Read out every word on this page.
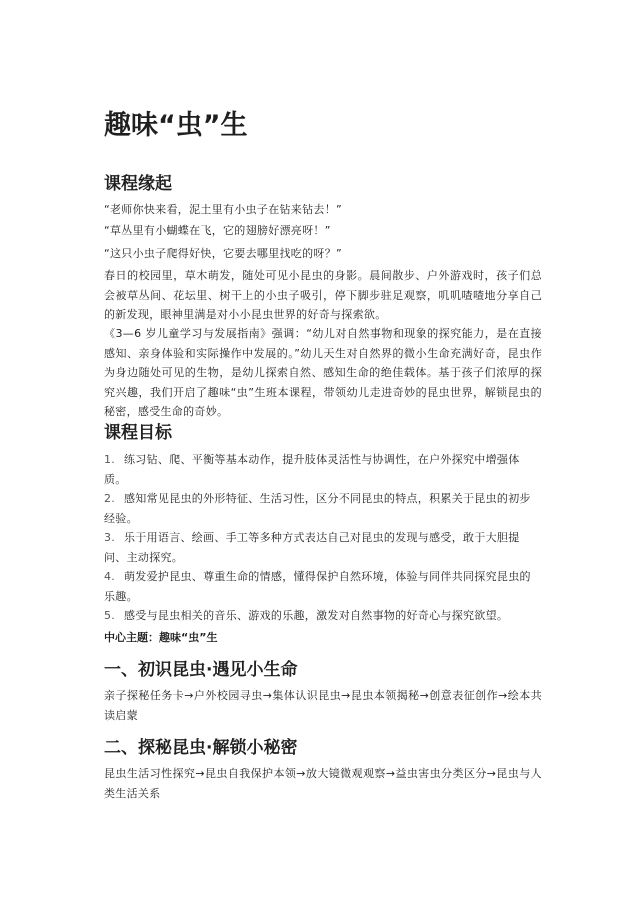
趣味“虫”生
课程缘起

“老师你快来看，泥土里有小虫子在钻来钻去！”

“草丛里有小蝴蝶在飞，它的翅膀好漂亮呀！”

“这只小虫子爬得好快，它要去哪里找吃的呀？”

春日的校园里，草木萌发，随处可见小昆虫的身影。晨间散步、户外游戏时，孩子们总会被草丛间、花坛里、树干上的小虫子吸引，停下脚步驻足观察，叽叽喳喳地分享自己的新发现，眼神里满是对小小昆虫世界的好奇与探索欲。

《3—6 岁儿童学习与发展指南》强调：“幼儿对自然事物和现象的探究能力，是在直接感知、亲身体验和实际操作中发展的。”幼儿天生对自然界的微小生命充满好奇，昆虫作为身边随处可见的生物，是幼儿探索自然、感知生命的绝佳载体。基于孩子们浓厚的探究兴趣，我们开启了趣味“虫”生班本课程，带领幼儿走进奇妙的昆虫世界，解锁昆虫的秘密，感受生命的奇妙。

课程目标
1. 练习钻、爬、平衡等基本动作，提升肢体灵活性与协调性，在户外探究中增强体质。
2. 感知常见昆虫的外形特征、生活习性，区分不同昆虫的特点，积累关于昆虫的初步经验。
3. 乐于用语言、绘画、手工等多种方式表达自己对昆虫的发现与感受，敢于大胆提问、主动探究。
4. 萌发爱护昆虫、尊重生命的情感，懂得保护自然环境，体验与同伴共同探究昆虫的乐趣。
5. 感受与昆虫相关的音乐、游戏的乐趣，激发对自然事物的好奇心与探究欲望。
中心主题：趣味“虫”生
一、初识昆虫·遇见小生命

亲子探秘任务卡→户外校园寻虫→集体认识昆虫→昆虫本领揭秘→创意表征创作→绘本共读启蒙

二、探秘昆虫·解锁小秘密

昆虫生活习性探究→昆虫自我保护本领→放大镜微观观察→益虫害虫分类区分→昆虫与人类生活关系
